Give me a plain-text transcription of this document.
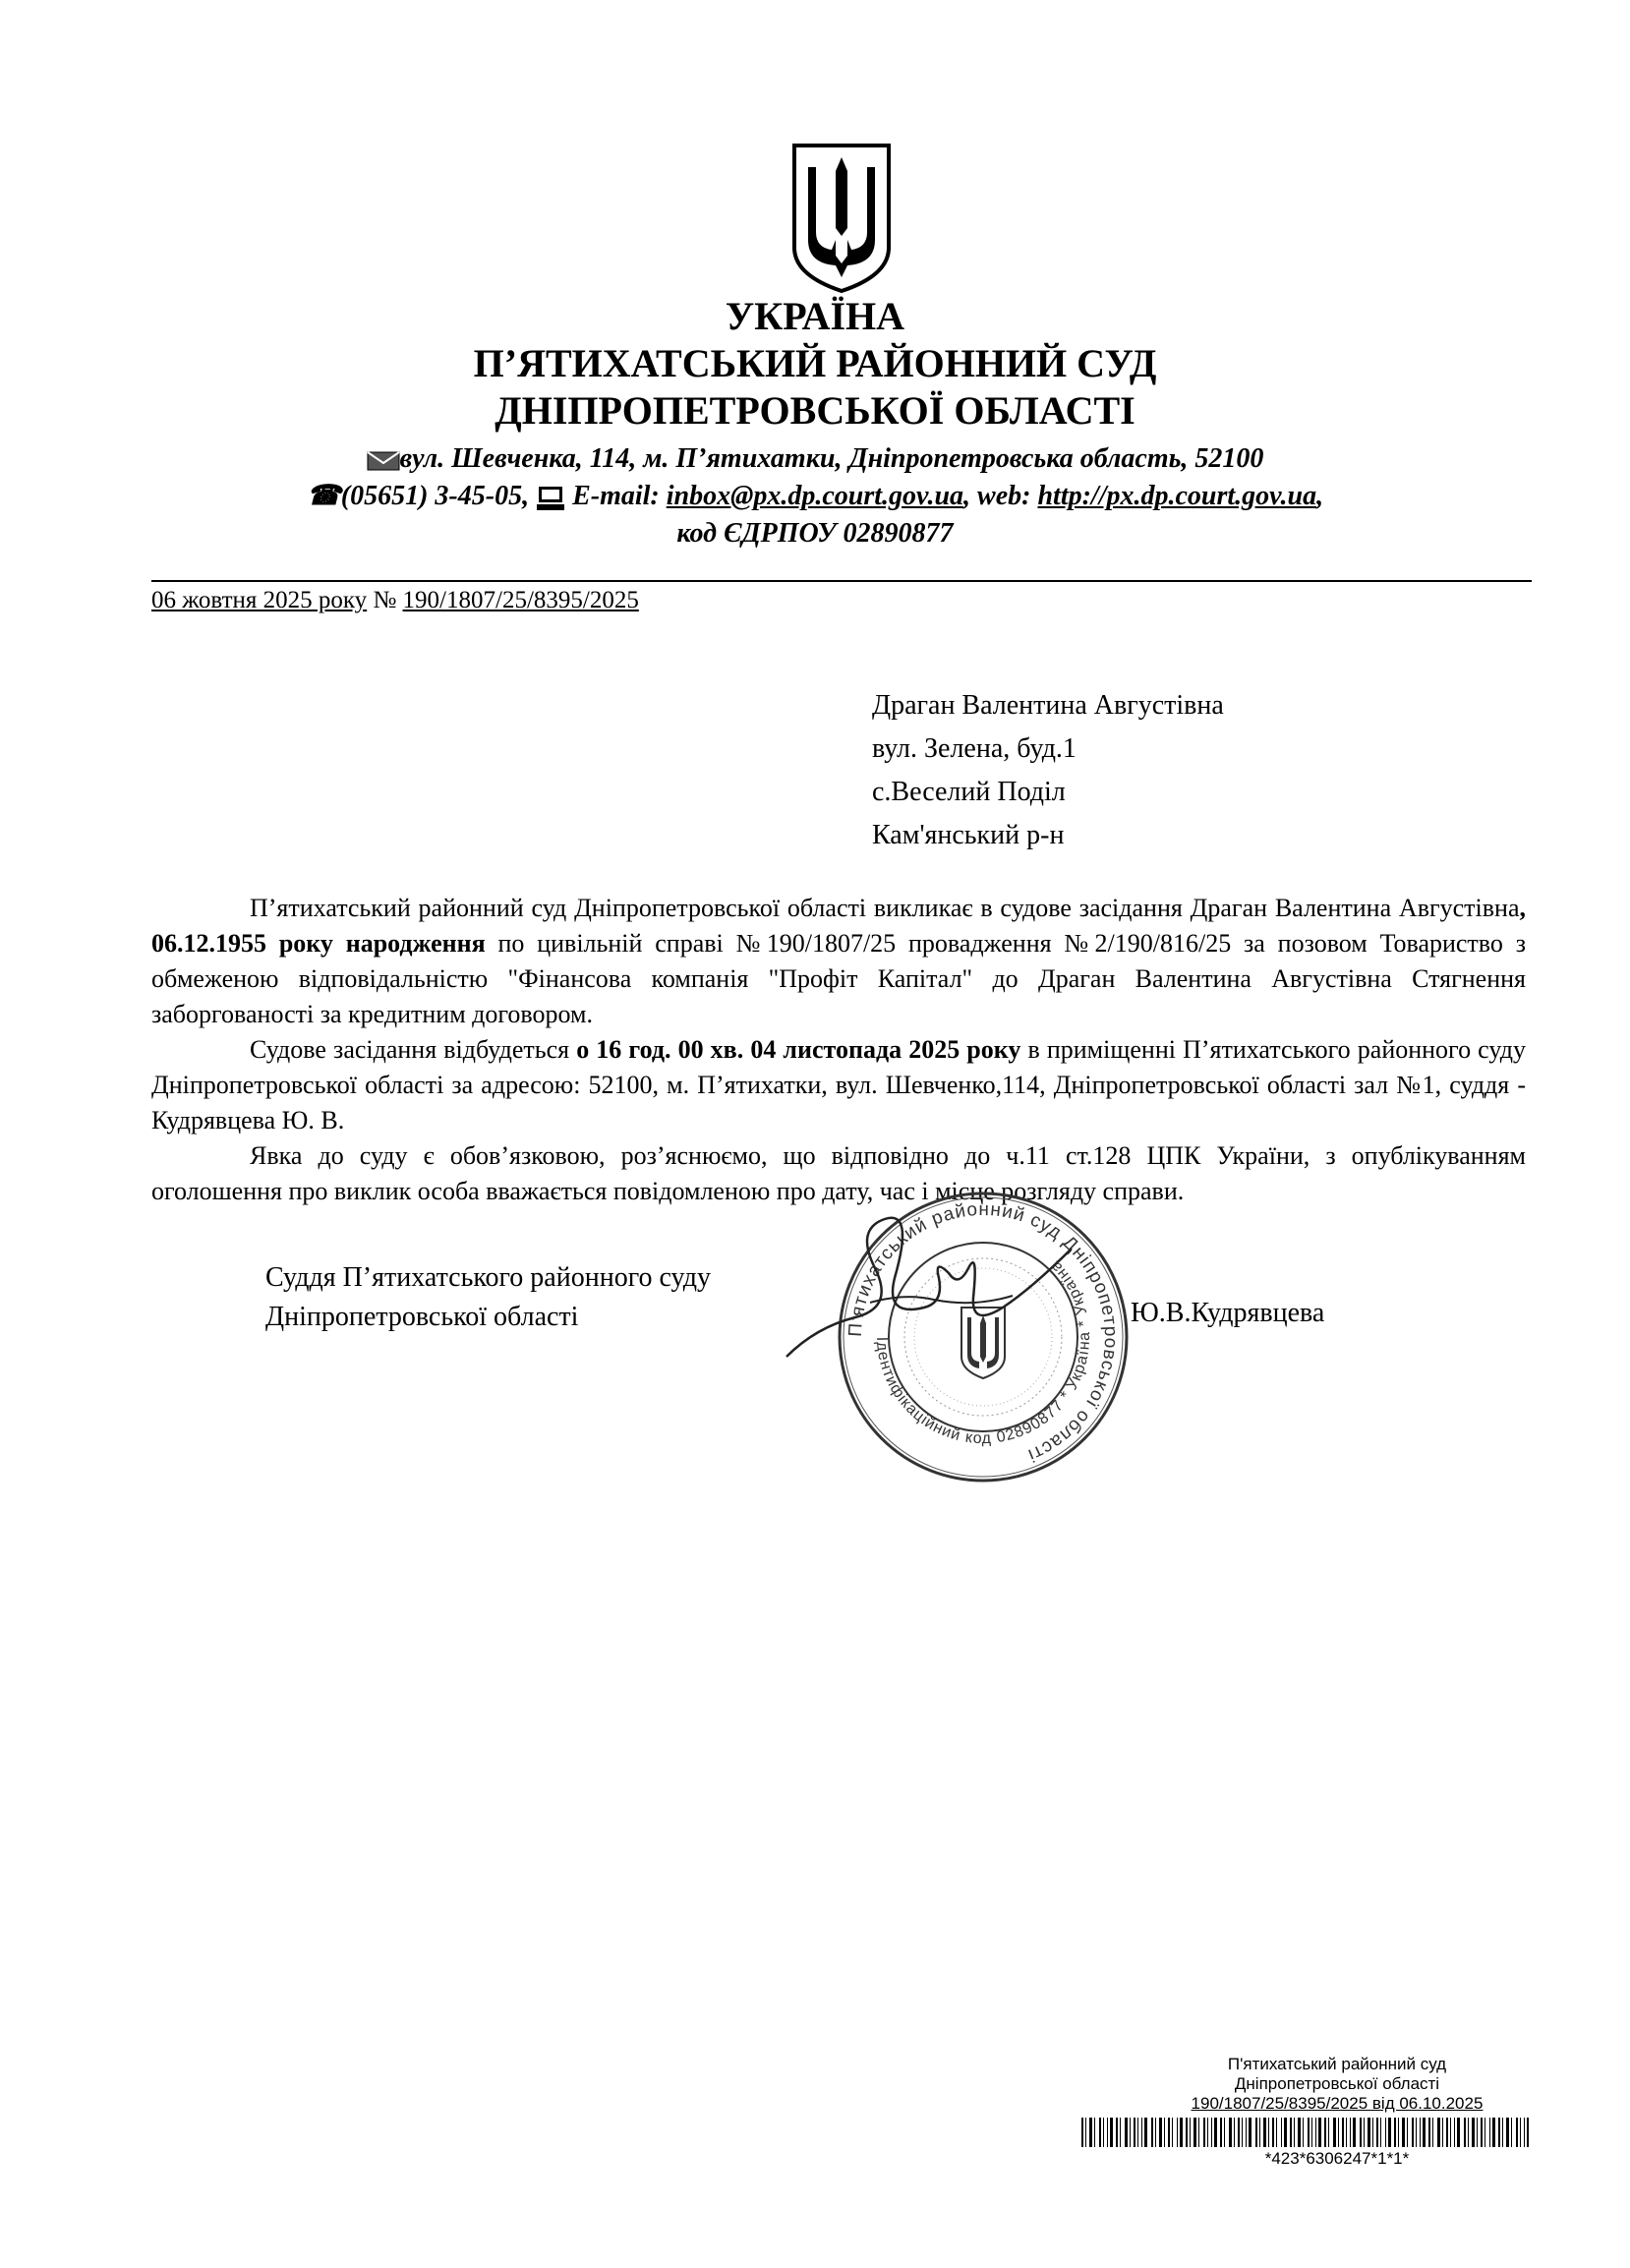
УКРАЇНА
П’ЯТИХАТСЬКИЙ РАЙОННИЙ СУД
ДНІПРОПЕТРОВСЬКОЇ ОБЛАСТІ
вул. Шевченка, 114, м. П’ятихатки, Дніпропетровська область, 52100
☎(05651) 3-45-05, E-mail: inbox@px.dp.court.gov.ua, web: http://px.dp.court.gov.ua,
код ЄДРПОУ 02890877
06 жовтня 2025 року № 190/1807/25/8395/2025
Драган Валентина Августівна
вул. Зелена, буд.1
с.Веселий Поділ
Кам'янський р-н

П’ятихатський районний суд Дніпропетровської області викликає в судове засідання Драган Валентина Августівна, 06.12.1955 року народження по цивільній справі №190/1807/25 провадження №2/190/816/25 за позовом Товариство з обмеженою відповідальністю "Фінансова компанія "Профіт Капітал" до Драган Валентина Августівна Стягнення заборгованості за кредитним договором.

Судове засідання відбудеться о 16 год. 00 хв. 04 листопада 2025 року в приміщенні П’ятихатського районного суду Дніпропетровської області за адресою: 52100, м. П’ятихатки, вул. Шевченко,114, Дніпропетровської області зал №1, суддя - Кудрявцева Ю. В.

Явка до суду є обов’язковою, роз’яснюємо, що відповідно до ч.11 ст.128 ЦПК України, з опублікуванням оголошення про виклик особа вважається повідомленою про дату, час і місце розгляду справи.

Суддя П’ятихатського районного суду
Дніпропетровської області	П’ятихатський районний суд Дніпропетровської області
Ідентифікаційний код 02890877 * Україна * Україна
Ю.В.Кудрявцева
П'ятихатський районний суд
Дніпропетровської області
190/1807/25/8395/2025 від 06.10.2025
*423*6306247*1*1*
